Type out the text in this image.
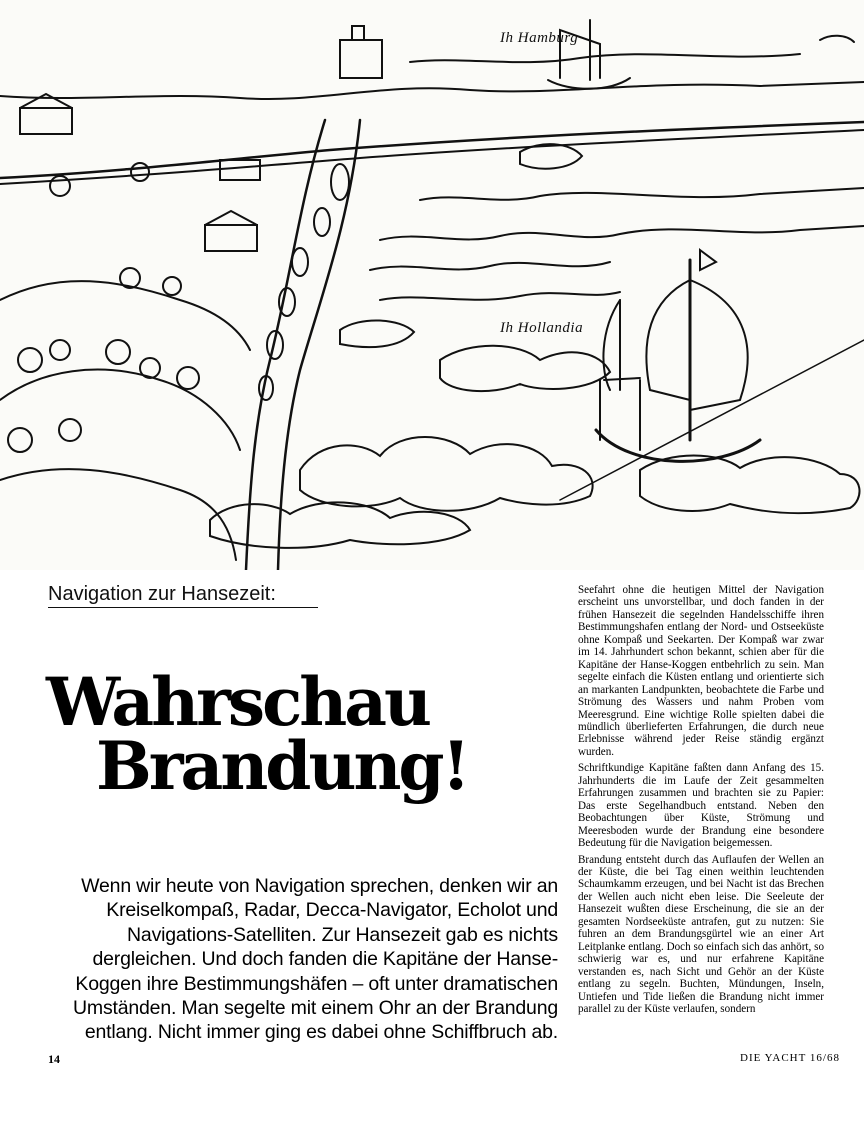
Ih Hamburg
Ih Hollandia
Navigation zur Hansezeit:
Wahrschau
Brandung!

Wenn wir heute von Navigation sprechen, denken wir an Kreiselkompaß, Radar, Decca-Navigator, Echolot und Navigations-Satelliten. Zur Hansezeit gab es nichts dergleichen. Und doch fanden die Kapitäne der Hanse-Koggen ihre Bestimmungshäfen – oft unter dramatischen Umständen. Man segelte mit einem Ohr an der Brandung entlang. Nicht immer ging es dabei ohne Schiffbruch ab.

Seefahrt ohne die heutigen Mittel der Navigation erscheint uns unvorstellbar, und doch fanden in der frühen Hansezeit die segelnden Handelsschiffe ihren Bestimmungshafen entlang der Nord- und Ostseeküste ohne Kompaß und Seekarten. Der Kompaß war zwar im 14. Jahrhundert schon bekannt, schien aber für die Kapitäne der Hanse-Koggen entbehrlich zu sein. Man segelte einfach die Küsten entlang und orientierte sich an markanten Landpunkten, beobachtete die Farbe und Strömung des Wassers und nahm Proben vom Meeresgrund. Eine wichtige Rolle spielten dabei die mündlich überlieferten Erfahrungen, die durch neue Erlebnisse während jeder Reise ständig ergänzt wurden.

Schriftkundige Kapitäne faßten dann Anfang des 15. Jahrhunderts die im Laufe der Zeit gesammelten Erfahrungen zusammen und brachten sie zu Papier: Das erste Segelhandbuch entstand. Neben den Beobachtungen über Küste, Strömung und Meeresboden wurde der Brandung eine besondere Bedeutung für die Navigation beigemessen.

Brandung entsteht durch das Auflaufen der Wellen an der Küste, die bei Tag einen weithin leuchtenden Schaumkamm erzeugen, und bei Nacht ist das Brechen der Wellen auch nicht eben leise. Die Seeleute der Hansezeit wußten diese Erscheinung, die sie an der gesamten Nordseeküste antrafen, gut zu nutzen: Sie fuhren an dem Brandungsgürtel wie an einer Art Leitplanke entlang. Doch so einfach sich das anhört, so schwierig war es, und nur erfahrene Kapitäne verstanden es, nach Sicht und Gehör an der Küste entlang zu segeln. Buchten, Mündungen, Inseln, Untiefen und Tide ließen die Brandung nicht immer parallel zu der Küste verlaufen, sondern

14	DIE YACHT 16/68
